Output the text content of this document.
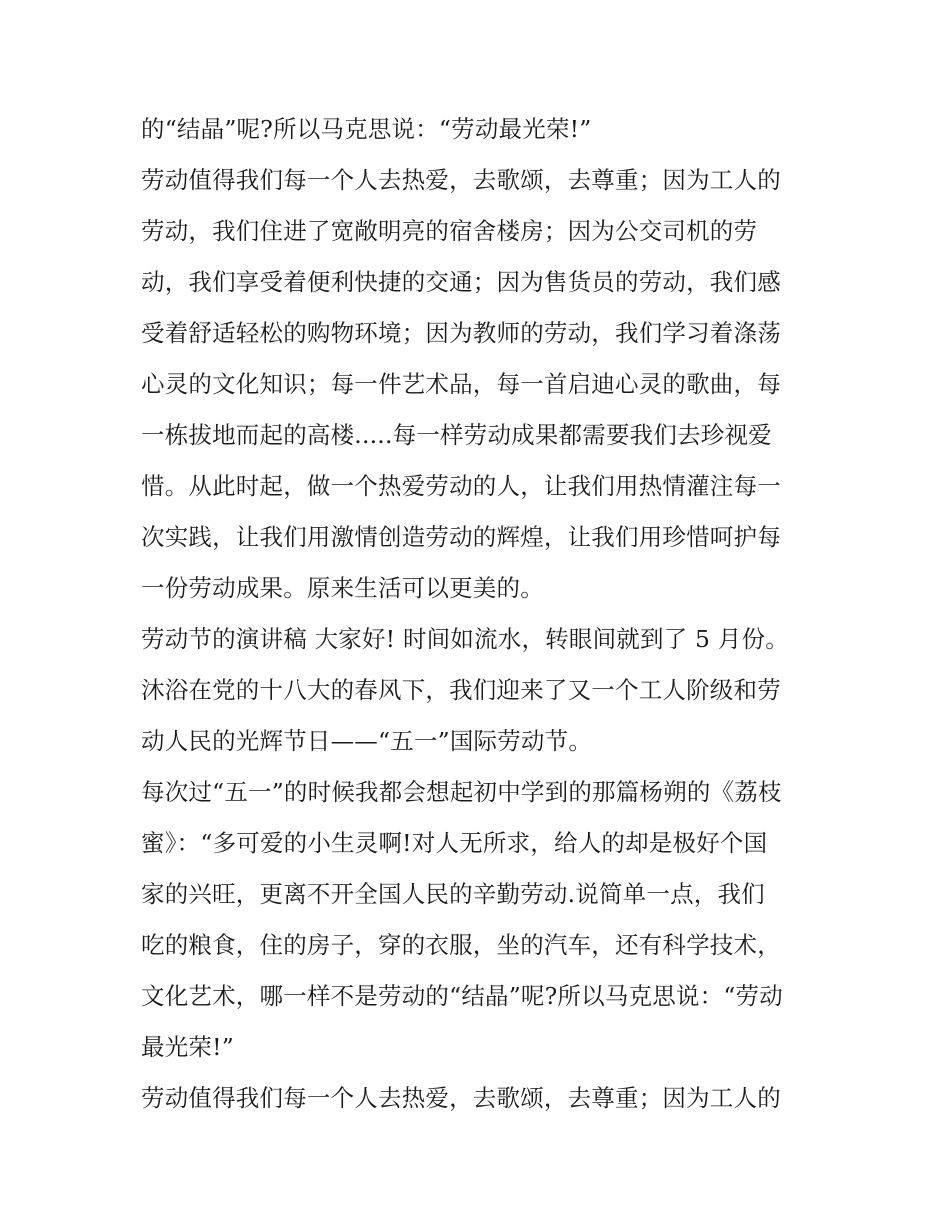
的“结晶”呢?所以马克思说：“劳动最光荣!”
劳动值得我们每一个人去热爱，去歌颂，去尊重；因为工人的
劳动，我们住进了宽敞明亮的宿舍楼房；因为公交司机的劳
动，我们享受着便利快捷的交通；因为售货员的劳动，我们感
受着舒适轻松的购物环境；因为教师的劳动，我们学习着涤荡
心灵的文化知识；每一件艺术品，每一首启迪心灵的歌曲，每
一栋拔地而起的高楼.....每一样劳动成果都需要我们去珍视爱
惜。从此时起，做一个热爱劳动的人，让我们用热情灌注每一
次实践，让我们用激情创造劳动的辉煌，让我们用珍惜呵护每
一份劳动成果。原来生活可以更美的。
劳动节的演讲稿 大家好! 时间如流水，转眼间就到了 5 月份。
沐浴在党的十八大的春风下，我们迎来了又一个工人阶级和劳
动人民的光辉节日——“五一”国际劳动节。
每次过“五一”的时候我都会想起初中学到的那篇杨朔的《荔枝
蜜》：“多可爱的小生灵啊!对人无所求，给人的却是极好个国
家的兴旺，更离不开全国人民的辛勤劳动.说简单一点，我们
吃的粮食，住的房子，穿的衣服，坐的汽车，还有科学技术，
文化艺术，哪一样不是劳动的“结晶”呢?所以马克思说：“劳动
最光荣!”
劳动值得我们每一个人去热爱，去歌颂，去尊重；因为工人的
